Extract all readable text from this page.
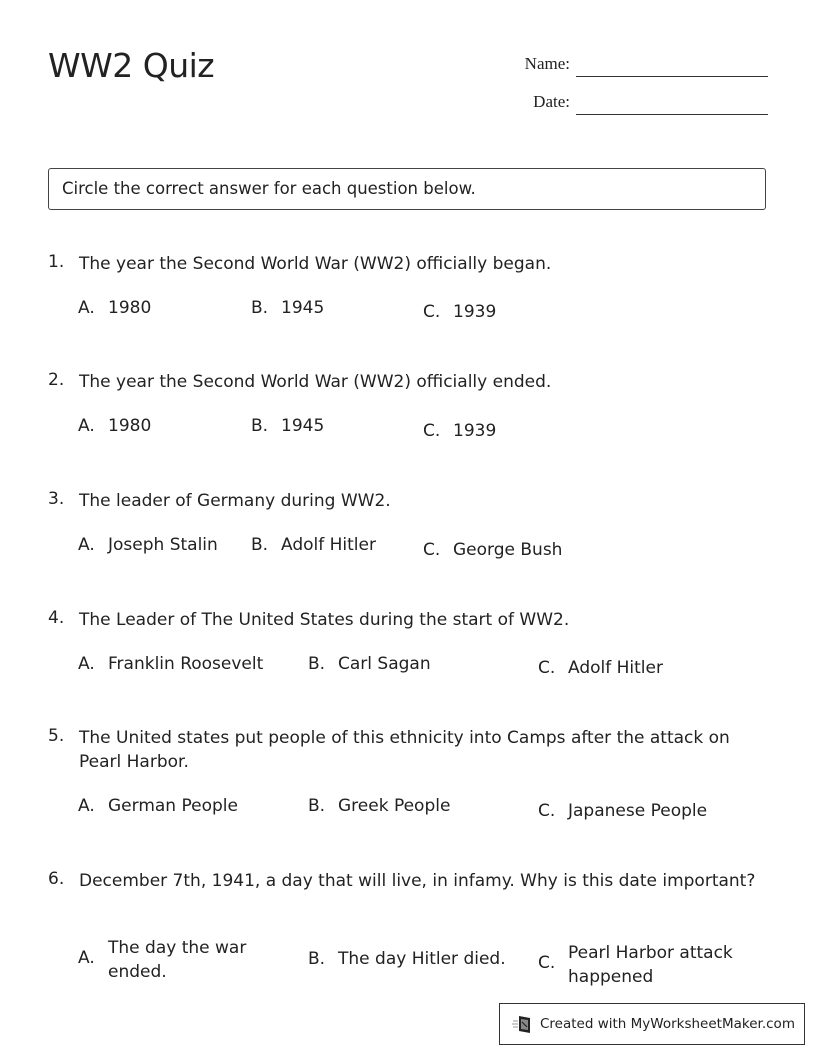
WW2 Quiz	Name:
Date:
Circle the correct answer for each question below.
1. The year the Second World War (WW2) officially began.
A. 1980	B. 1945	C. 1939
2. The year the Second World War (WW2) officially ended.
A. 1980	B. 1945	C. 1939
3. The leader of Germany during WW2.
A. Joseph Stalin B. Adolf Hitler	C. George Bush
4. The Leader of The United States during the start of WW2.
A. Franklin Roosevelt	B. Carl Sagan	C. Adolf Hitler
5. The United states put people of this ethnicity into Camps after the attack on Pearl Harbor.
A. German People	B. Greek People	C. Japanese People
6. December 7th, 1941, a day that will live, in infamy. Why is this date important?
A. The day the war ended.
B. The day Hitler died. C. Pearl Harbor attack happened
Created with MyWorksheetMaker.com
